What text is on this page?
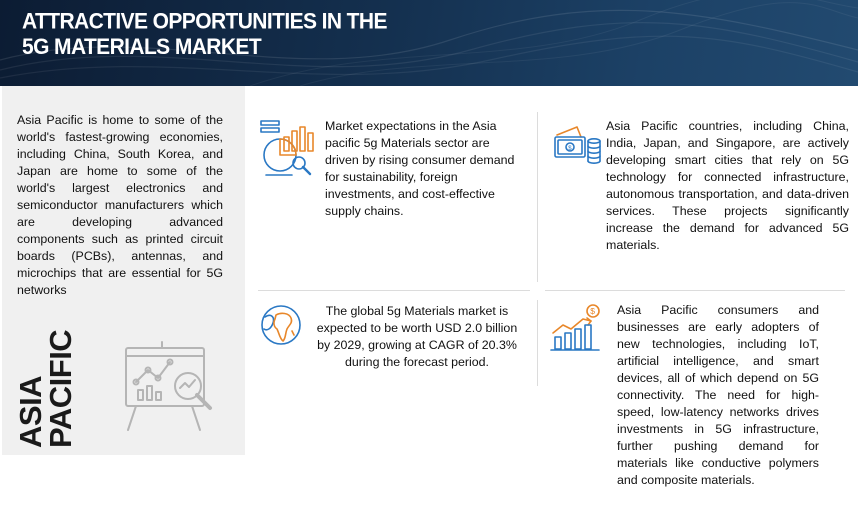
ATTRACTIVE OPPORTUNITIES IN THE 5G MATERIALS MARKET
Asia Pacific is home to some of the world's fastest-growing economies, including China, South Korea, and Japan are home to some of the world's largest electronics and semiconductor manufacturers which are developing advanced components such as printed circuit boards (PCBs), antennas, and microchips that are essential for 5G networks
ASIA
PACIFIC
Market expectations in the Asia pacific 5g Materials sector are driven by rising consumer demand for sustainability, foreign investments, and cost-effective supply chains.
$
Asia Pacific countries, including China, India, Japan, and Singapore, are actively developing smart cities that rely on 5G technology for connected infrastructure, autonomous transportation, and data-driven services. These projects significantly increase the demand for advanced 5G materials.
The global 5g Materials market is expected to be worth USD 2.0 billion by 2029, growing at CAGR of 20.3% during the forecast period.
$ Asia Pacific consumers and businesses are early adopters of new technologies, including IoT, artificial intelligence, and smart devices, all of which depend on 5G connectivity. The need for high-speed, low-latency networks drives investments in 5G infrastructure, further pushing demand for materials like conductive polymers and composite materials.
